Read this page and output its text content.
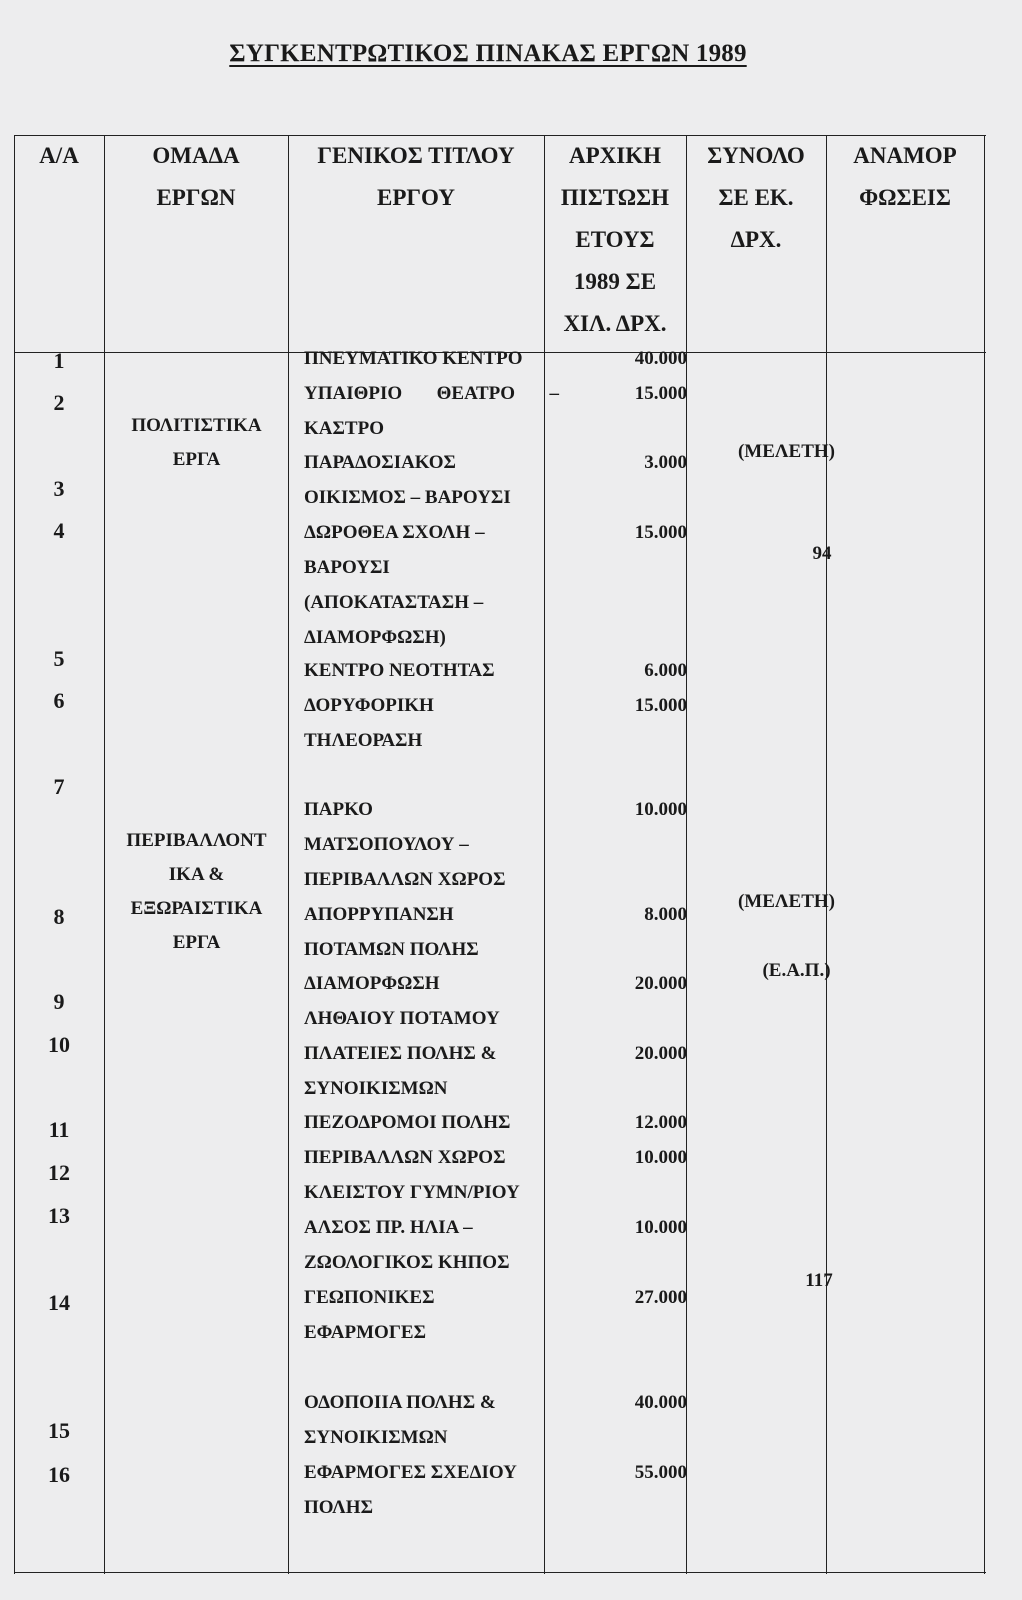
ΣΥΓΚΕΝΤΡΩΤΙΚΟΣ ΠΙΝΑΚΑΣ ΕΡΓΩΝ 1989
Α/Α	ΟΜΑΔΑ
ΕΡΓΩΝ
ΓΕΝΙΚΟΣ ΤΙΤΛΟΥ
ΕΡΓΟΥ
ΑΡΧΙΚΗ
ΠΙΣΤΩΣΗ
ΕΤΟΥΣ
1989 ΣΕ
ΧΙΛ. ΔΡΧ.
ΣΥΝΟΛΟ
ΣΕ ΕΚ.
ΔΡΧ.
ΑΝΑΜΟΡ
ΦΩΣΕΙΣ
1
2
3
4
5
6
7
8
9
10
11
12
13
14
15
16
ΠΟΛΙΤΙΣΤΙΚΑ
ΕΡΓΑ
ΠΕΡΙΒΑΛΛΟΝΤ
ΙΚΑ &
ΕΞΩΡΑΙΣΤΙΚΑ
ΕΡΓΑ
ΠΝΕΥΜΑΤΙΚΟ ΚΕΝΤΡΟ
ΥΠΑΙΘΡΙΟ ΘΕΑΤΡΟ –
ΚΑΣΤΡΟ
ΠΑΡΑΔΟΣΙΑΚΟΣ
ΟΙΚΙΣΜΟΣ – ΒΑΡΟΥΣΙ
ΔΩΡΟΘΕΑ ΣΧΟΛΗ –
ΒΑΡΟΥΣΙ
(ΑΠΟΚΑΤΑΣΤΑΣΗ –
ΔΙΑΜΟΡΦΩΣΗ)
ΚΕΝΤΡΟ ΝΕΟΤΗΤΑΣ
ΔΟΡΥΦΟΡΙΚΗ
ΤΗΛΕΟΡΑΣΗ
ΠΑΡΚΟ
ΜΑΤΣΟΠΟΥΛΟΥ –
ΠΕΡΙΒΑΛΛΩΝ ΧΩΡΟΣ
ΑΠΟΡΡΥΠΑΝΣΗ
ΠΟΤΑΜΩΝ ΠΟΛΗΣ
ΔΙΑΜΟΡΦΩΣΗ
ΛΗΘΑΙΟΥ ΠΟΤΑΜΟΥ
ΠΛΑΤΕΙΕΣ ΠΟΛΗΣ &
ΣΥΝΟΙΚΙΣΜΩΝ
ΠΕΖΟΔΡΟΜΟΙ ΠΟΛΗΣ
ΠΕΡΙΒΑΛΛΩΝ ΧΩΡΟΣ
ΚΛΕΙΣΤΟΥ ΓΥΜΝ/ΡΙΟΥ
ΑΛΣΟΣ ΠΡ. ΗΛΙΑ –
ΖΩΟΛΟΓΙΚΟΣ ΚΗΠΟΣ
ΓΕΩΠΟΝΙΚΕΣ
ΕΦΑΡΜΟΓΕΣ
ΟΔΟΠΟΙΙΑ ΠΟΛΗΣ &
ΣΥΝΟΙΚΙΣΜΩΝ
ΕΦΑΡΜΟΓΕΣ ΣΧΕΔΙΟΥ
ΠΟΛΗΣ
40.000
15.000
3.000
15.000
6.000
15.000
10.000
8.000
20.000
20.000
12.000
10.000
10.000
27.000
40.000
55.000
(ΜΕΛΕΤΗ)
94
(ΜΕΛΕΤΗ)
(Ε.Α.Π.)
117
